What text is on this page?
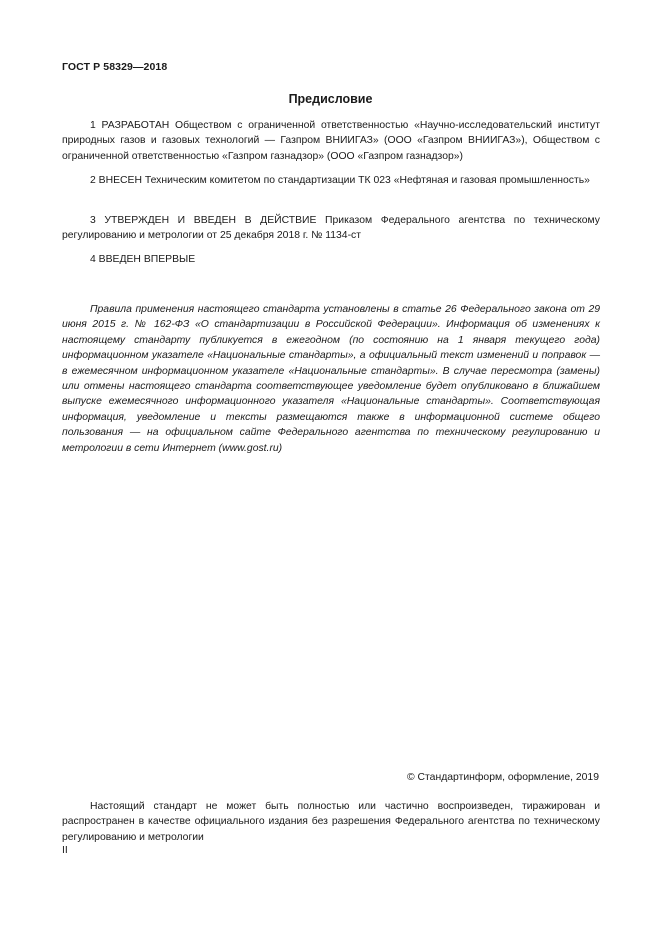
ГОСТ Р 58329—2018
Предисловие

1 РАЗРАБОТАН Обществом с ограниченной ответственностью «Научно-исследовательский институт природных газов и газовых технологий — Газпром ВНИИГАЗ» (ООО «Газпром ВНИИГАЗ»), Обществом с ограниченной ответственностью «Газпром газнадзор» (ООО «Газпром газнадзор»)

2 ВНЕСЕН Техническим комитетом по стандартизации ТК 023 «Нефтяная и газовая промышленность»

3 УТВЕРЖДЕН И ВВЕДЕН В ДЕЙСТВИЕ Приказом Федерального агентства по техническому регулированию и метрологии от 25 декабря 2018 г. № 1134-ст

4 ВВЕДЕН ВПЕРВЫЕ

Правила применения настоящего стандарта установлены в статье 26 Федерального закона от 29 июня 2015 г. № 162-ФЗ «О стандартизации в Российской Федерации». Информация об изменениях к настоящему стандарту публикуется в ежегодном (по состоянию на 1 января текущего года) информационном указателе «Национальные стандарты», а официальный текст изменений и поправок — в ежемесячном информационном указателе «Национальные стандарты». В случае пересмотра (замены) или отмены настоящего стандарта соответствующее уведомление будет опубликовано в ближайшем выпуске ежемесячного информационного указателя «Национальные стандарты». Соответствующая информация, уведомление и тексты размещаются также в информационной системе общего пользования — на официальном сайте Федерального агентства по техническому регулированию и метрологии в сети Интернет (www.gost.ru)

© Стандартинформ, оформление, 2019

Настоящий стандарт не может быть полностью или частично воспроизведен, тиражирован и распространен в качестве официального издания без разрешения Федерального агентства по техническому регулированию и метрологии

II
